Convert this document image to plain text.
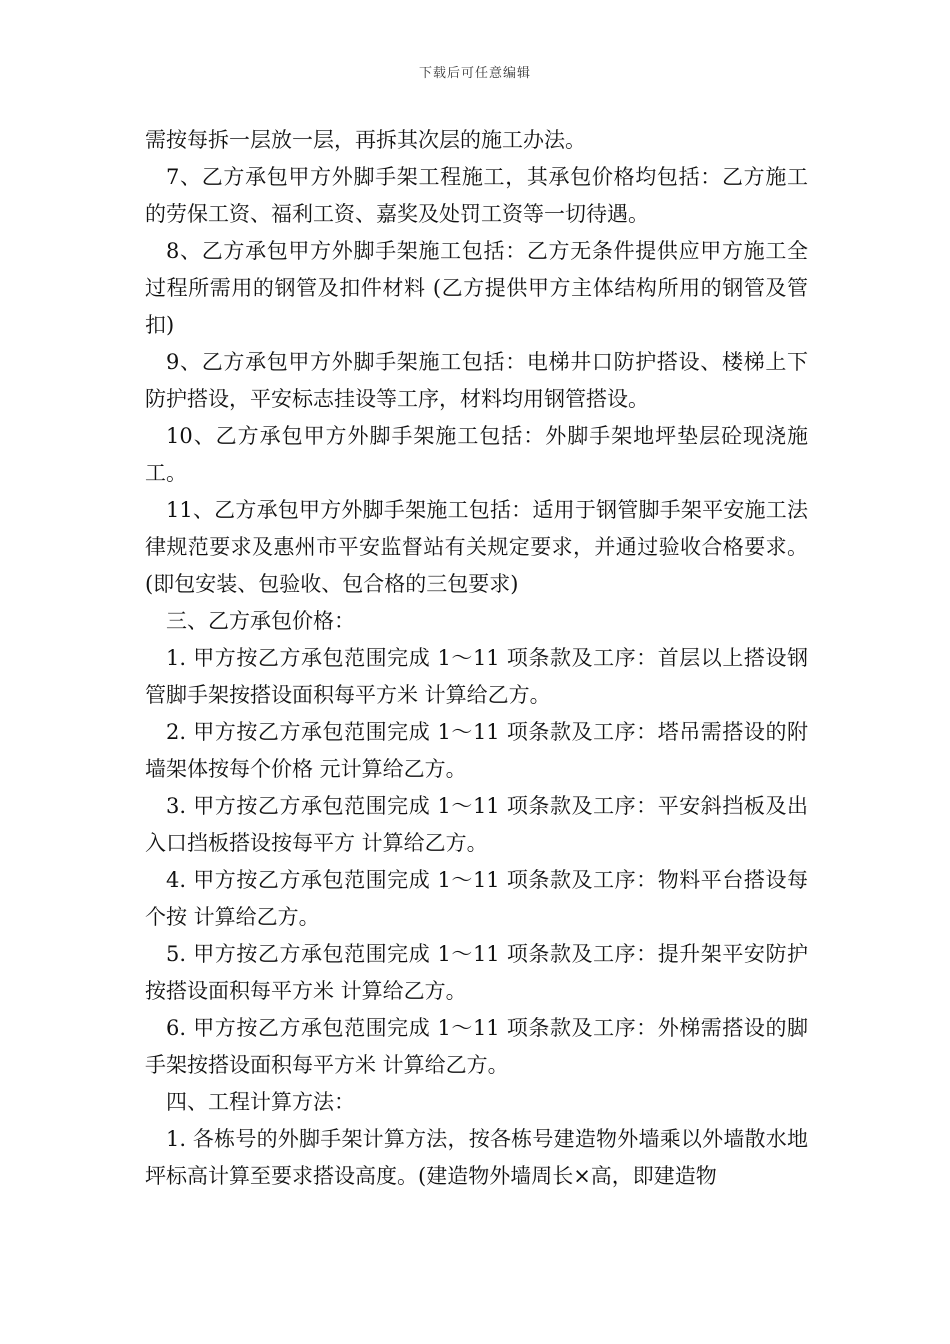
下载后可任意编辑

需按每拆一层放一层，再拆其次层的施工办法。

7、乙方承包甲方外脚手架工程施工，其承包价格均包括：乙方施工的劳保工资、福利工资、嘉奖及处罚工资等一切待遇。

8、乙方承包甲方外脚手架施工包括：乙方无条件提供应甲方施工全过程所需用的钢管及扣件材料 (乙方提供甲方主体结构所用的钢管及管扣)

9、乙方承包甲方外脚手架施工包括：电梯井口防护搭设、楼梯上下防护搭设，平安标志挂设等工序，材料均用钢管搭设。

10、乙方承包甲方外脚手架施工包括：外脚手架地坪垫层砼现浇施工。

11、乙方承包甲方外脚手架施工包括：适用于钢管脚手架平安施工法律规范要求及惠州市平安监督站有关规定要求，并通过验收合格要求。(即包安装、包验收、包合格的三包要求)

三、乙方承包价格：

1. 甲方按乙方承包范围完成 1～11 项条款及工序：首层以上搭设钢管脚手架按搭设面积每平方米 计算给乙方。

2. 甲方按乙方承包范围完成 1～11 项条款及工序：塔吊需搭设的附墙架体按每个价格 元计算给乙方。

3. 甲方按乙方承包范围完成 1～11 项条款及工序：平安斜挡板及出入口挡板搭设按每平方 计算给乙方。

4. 甲方按乙方承包范围完成 1～11 项条款及工序：物料平台搭设每个按 计算给乙方。

5. 甲方按乙方承包范围完成 1～11 项条款及工序：提升架平安防护按搭设面积每平方米 计算给乙方。

6. 甲方按乙方承包范围完成 1～11 项条款及工序：外梯需搭设的脚手架按搭设面积每平方米 计算给乙方。

四、工程计算方法：

1. 各栋号的外脚手架计算方法，按各栋号建造物外墙乘以外墙散水地坪标高计算至要求搭设高度。(建造物外墙周长×高，即建造物
